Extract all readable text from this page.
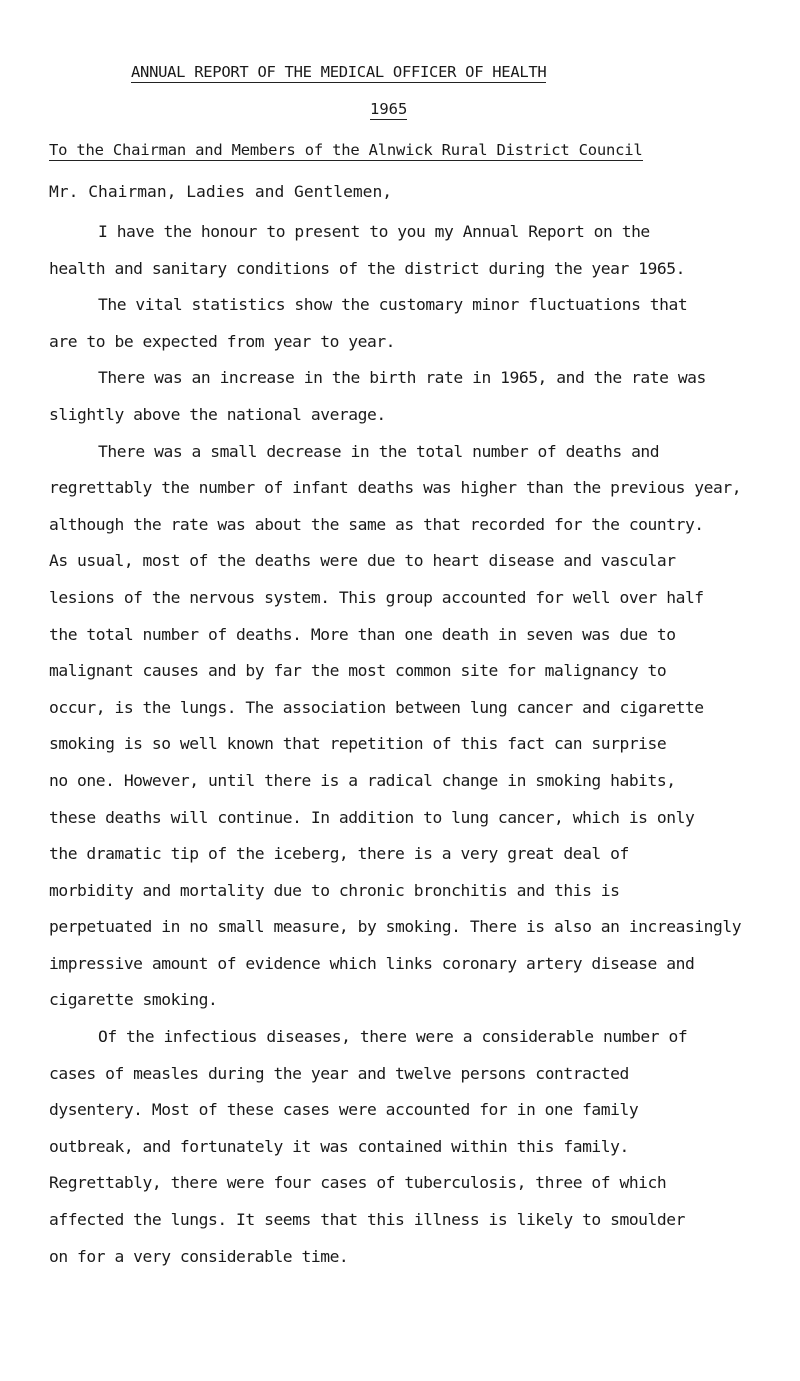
ANNUAL REPORT OF THE MEDICAL OFFICER OF HEALTH
1965
To the Chairman and Members of the Alnwick Rural District Council
Mr. Chairman, Ladies and Gentlemen,
I have the honour to present to you my Annual Report on the
health and sanitary conditions of the district during the year 1965.
The vital statistics show the customary minor fluctuations that
are to be expected from year to year.
There was an increase in the birth rate in 1965, and the rate was
slightly above the national average.
There was a small decrease in the total number of deaths and
regrettably the number of infant deaths was higher than the previous year,
although the rate was about the same as that recorded for the country.
As usual, most of the deaths were due to heart disease and vascular
lesions of the nervous system. This group accounted for well over half
the total number of deaths. More than one death in seven was due to
malignant causes and by far the most common site for malignancy to
occur, is the lungs. The association between lung cancer and cigarette
smoking is so well known that repetition of this fact can surprise
no one. However, until there is a radical change in smoking habits,
these deaths will continue. In addition to lung cancer, which is only
the dramatic tip of the iceberg, there is a very great deal of
morbidity and mortality due to chronic bronchitis and this is
perpetuated in no small measure, by smoking. There is also an increasingly
impressive amount of evidence which links coronary artery disease and
cigarette smoking.
Of the infectious diseases, there were a considerable number of
cases of measles during the year and twelve persons contracted
dysentery. Most of these cases were accounted for in one family
outbreak, and fortunately it was contained within this family.
Regrettably, there were four cases of tuberculosis, three of which
affected the lungs. It seems that this illness is likely to smoulder
on for a very considerable time.
